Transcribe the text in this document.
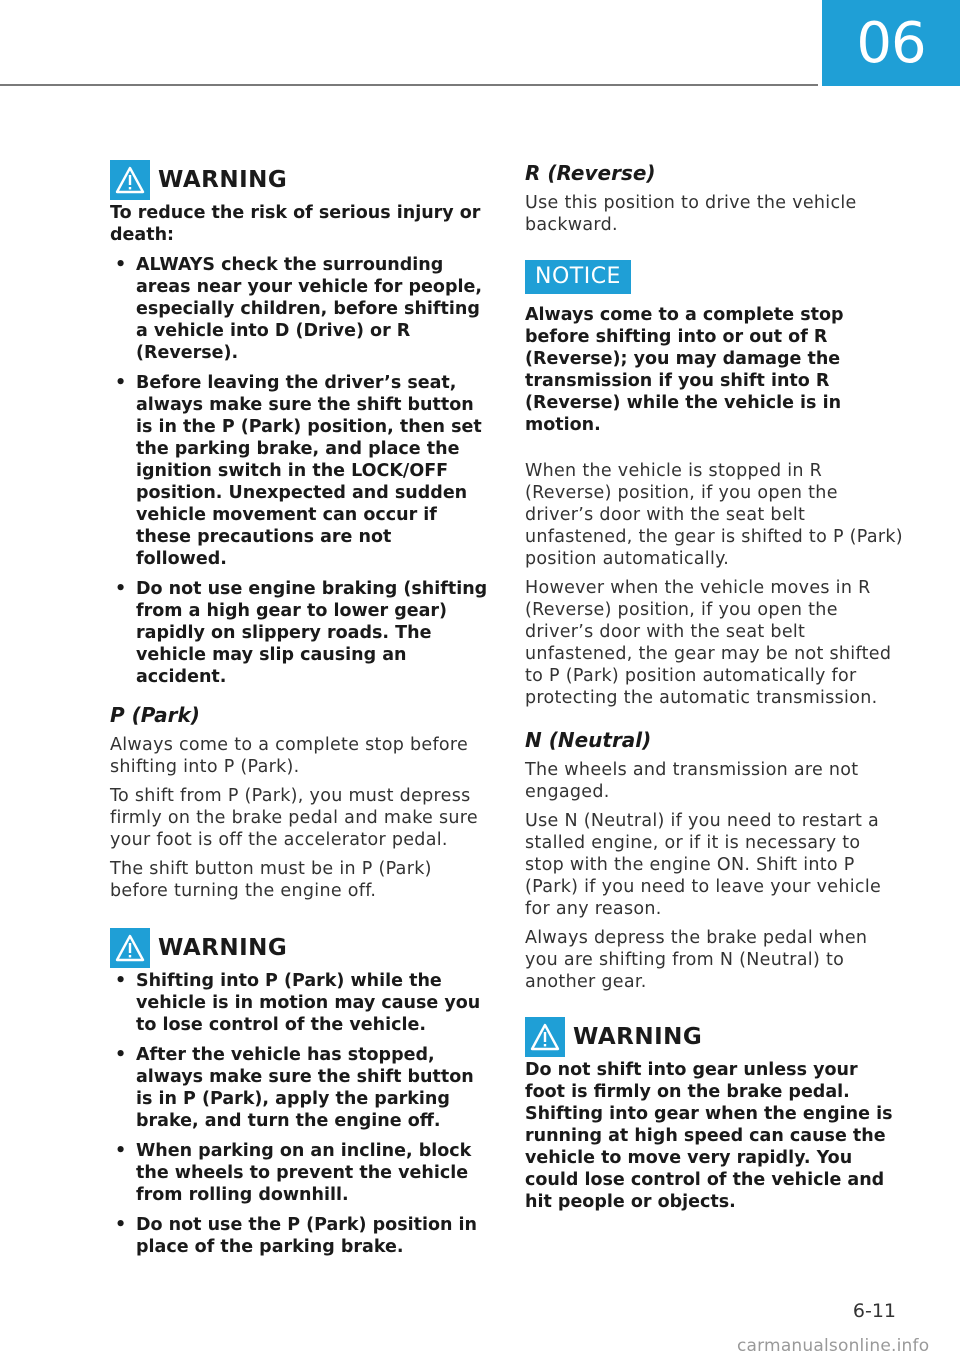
06
WARNING

To reduce the risk of serious injury or death:

• ALWAYS check the surrounding areas near your vehicle for people, especially children, before shifting a vehicle into D (Drive) or R (Reverse).
• Before leaving the driver’s seat, always make sure the shift button is in the P (Park) position, then set the parking brake, and place the ignition switch in the LOCK/OFF position. Unexpected and sudden vehicle movement can occur if these precautions are not followed.
• Do not use engine braking (shifting from a high gear to lower gear) rapidly on slippery roads. The vehicle may slip causing an accident.
P (Park)

Always come to a complete stop before shifting into P (Park).

To shift from P (Park), you must depress firmly on the brake pedal and make sure your foot is off the accelerator pedal.

The shift button must be in P (Park) before turning the engine off.

WARNING
• Shifting into P (Park) while the vehicle is in motion may cause you to lose control of the vehicle.
• After the vehicle has stopped, always make sure the shift button is in P (Park), apply the parking brake, and turn the engine off.
• When parking on an incline, block the wheels to prevent the vehicle from rolling downhill.
• Do not use the P (Park) position in place of the parking brake.
R (Reverse)

Use this position to drive the vehicle backward.

NOTICE
Always come to a complete stop before shifting into or out of R (Reverse); you may damage the transmission if you shift into R (Reverse) while the vehicle is in motion.

When the vehicle is stopped in R (Reverse) position, if you open the driver’s door with the seat belt unfastened, the gear is shifted to P (Park) position automatically.

However when the vehicle moves in R (Reverse) position, if you open the driver’s door with the seat belt unfastened, the gear may be not shifted to P (Park) position automatically for protecting the automatic transmission.

N (Neutral)

The wheels and transmission are not engaged.

Use N (Neutral) if you need to restart a stalled engine, or if it is necessary to stop with the engine ON. Shift into P (Park) if you need to leave your vehicle for any reason.

Always depress the brake pedal when you are shifting from N (Neutral) to another gear.

WARNING
Do not shift into gear unless your foot is firmly on the brake pedal. Shifting into gear when the engine is running at high speed can cause the vehicle to move very rapidly. You could lose control of the vehicle and hit people or objects.
6-11
carmanualsonline.info
